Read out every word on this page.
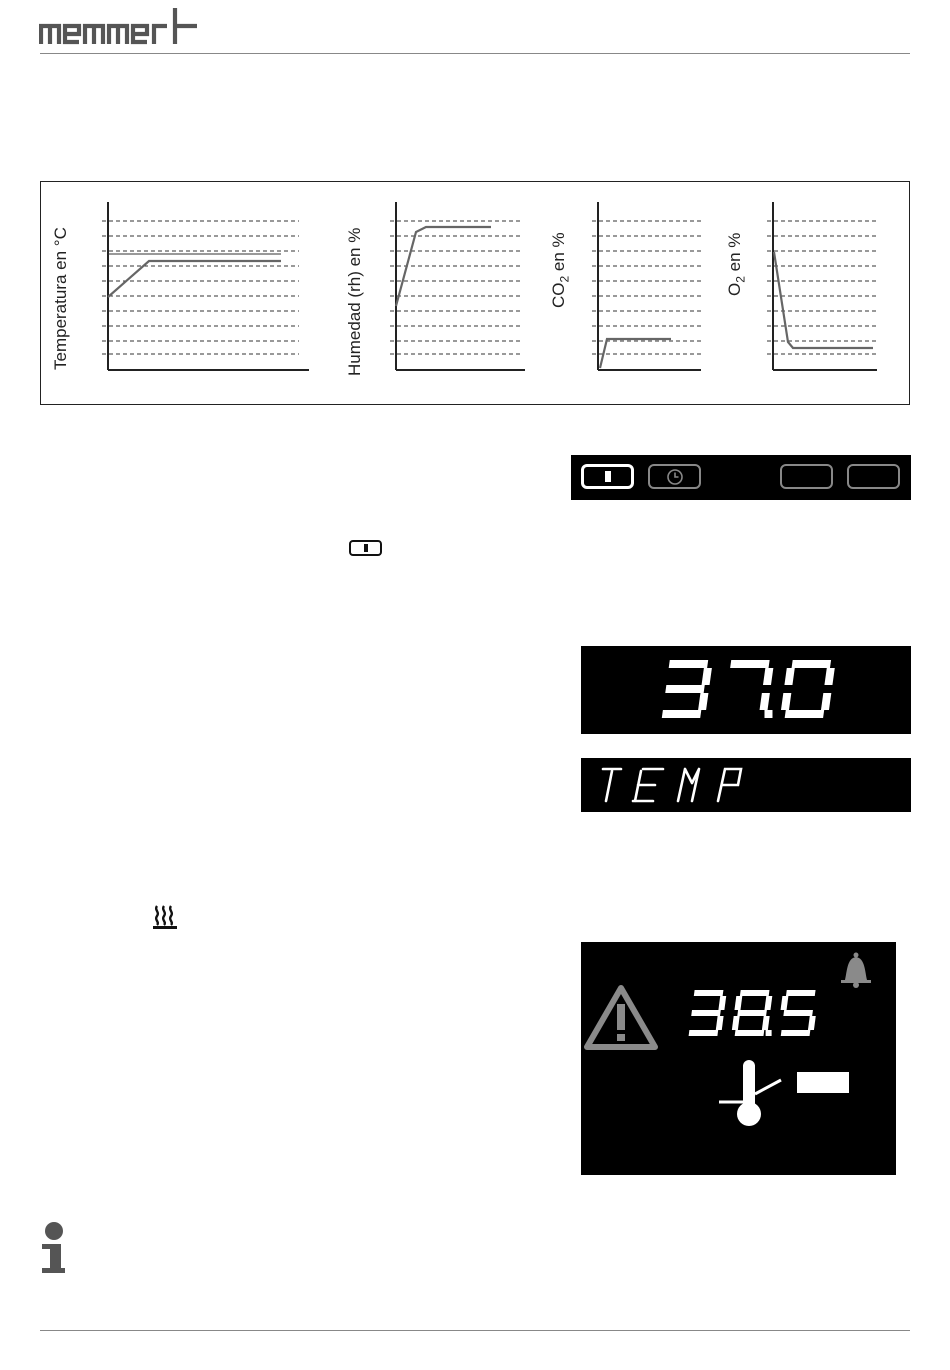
Temperatura en °C	Humedad (rh) en %	$CO_2$ en %
$O_2$ en %
